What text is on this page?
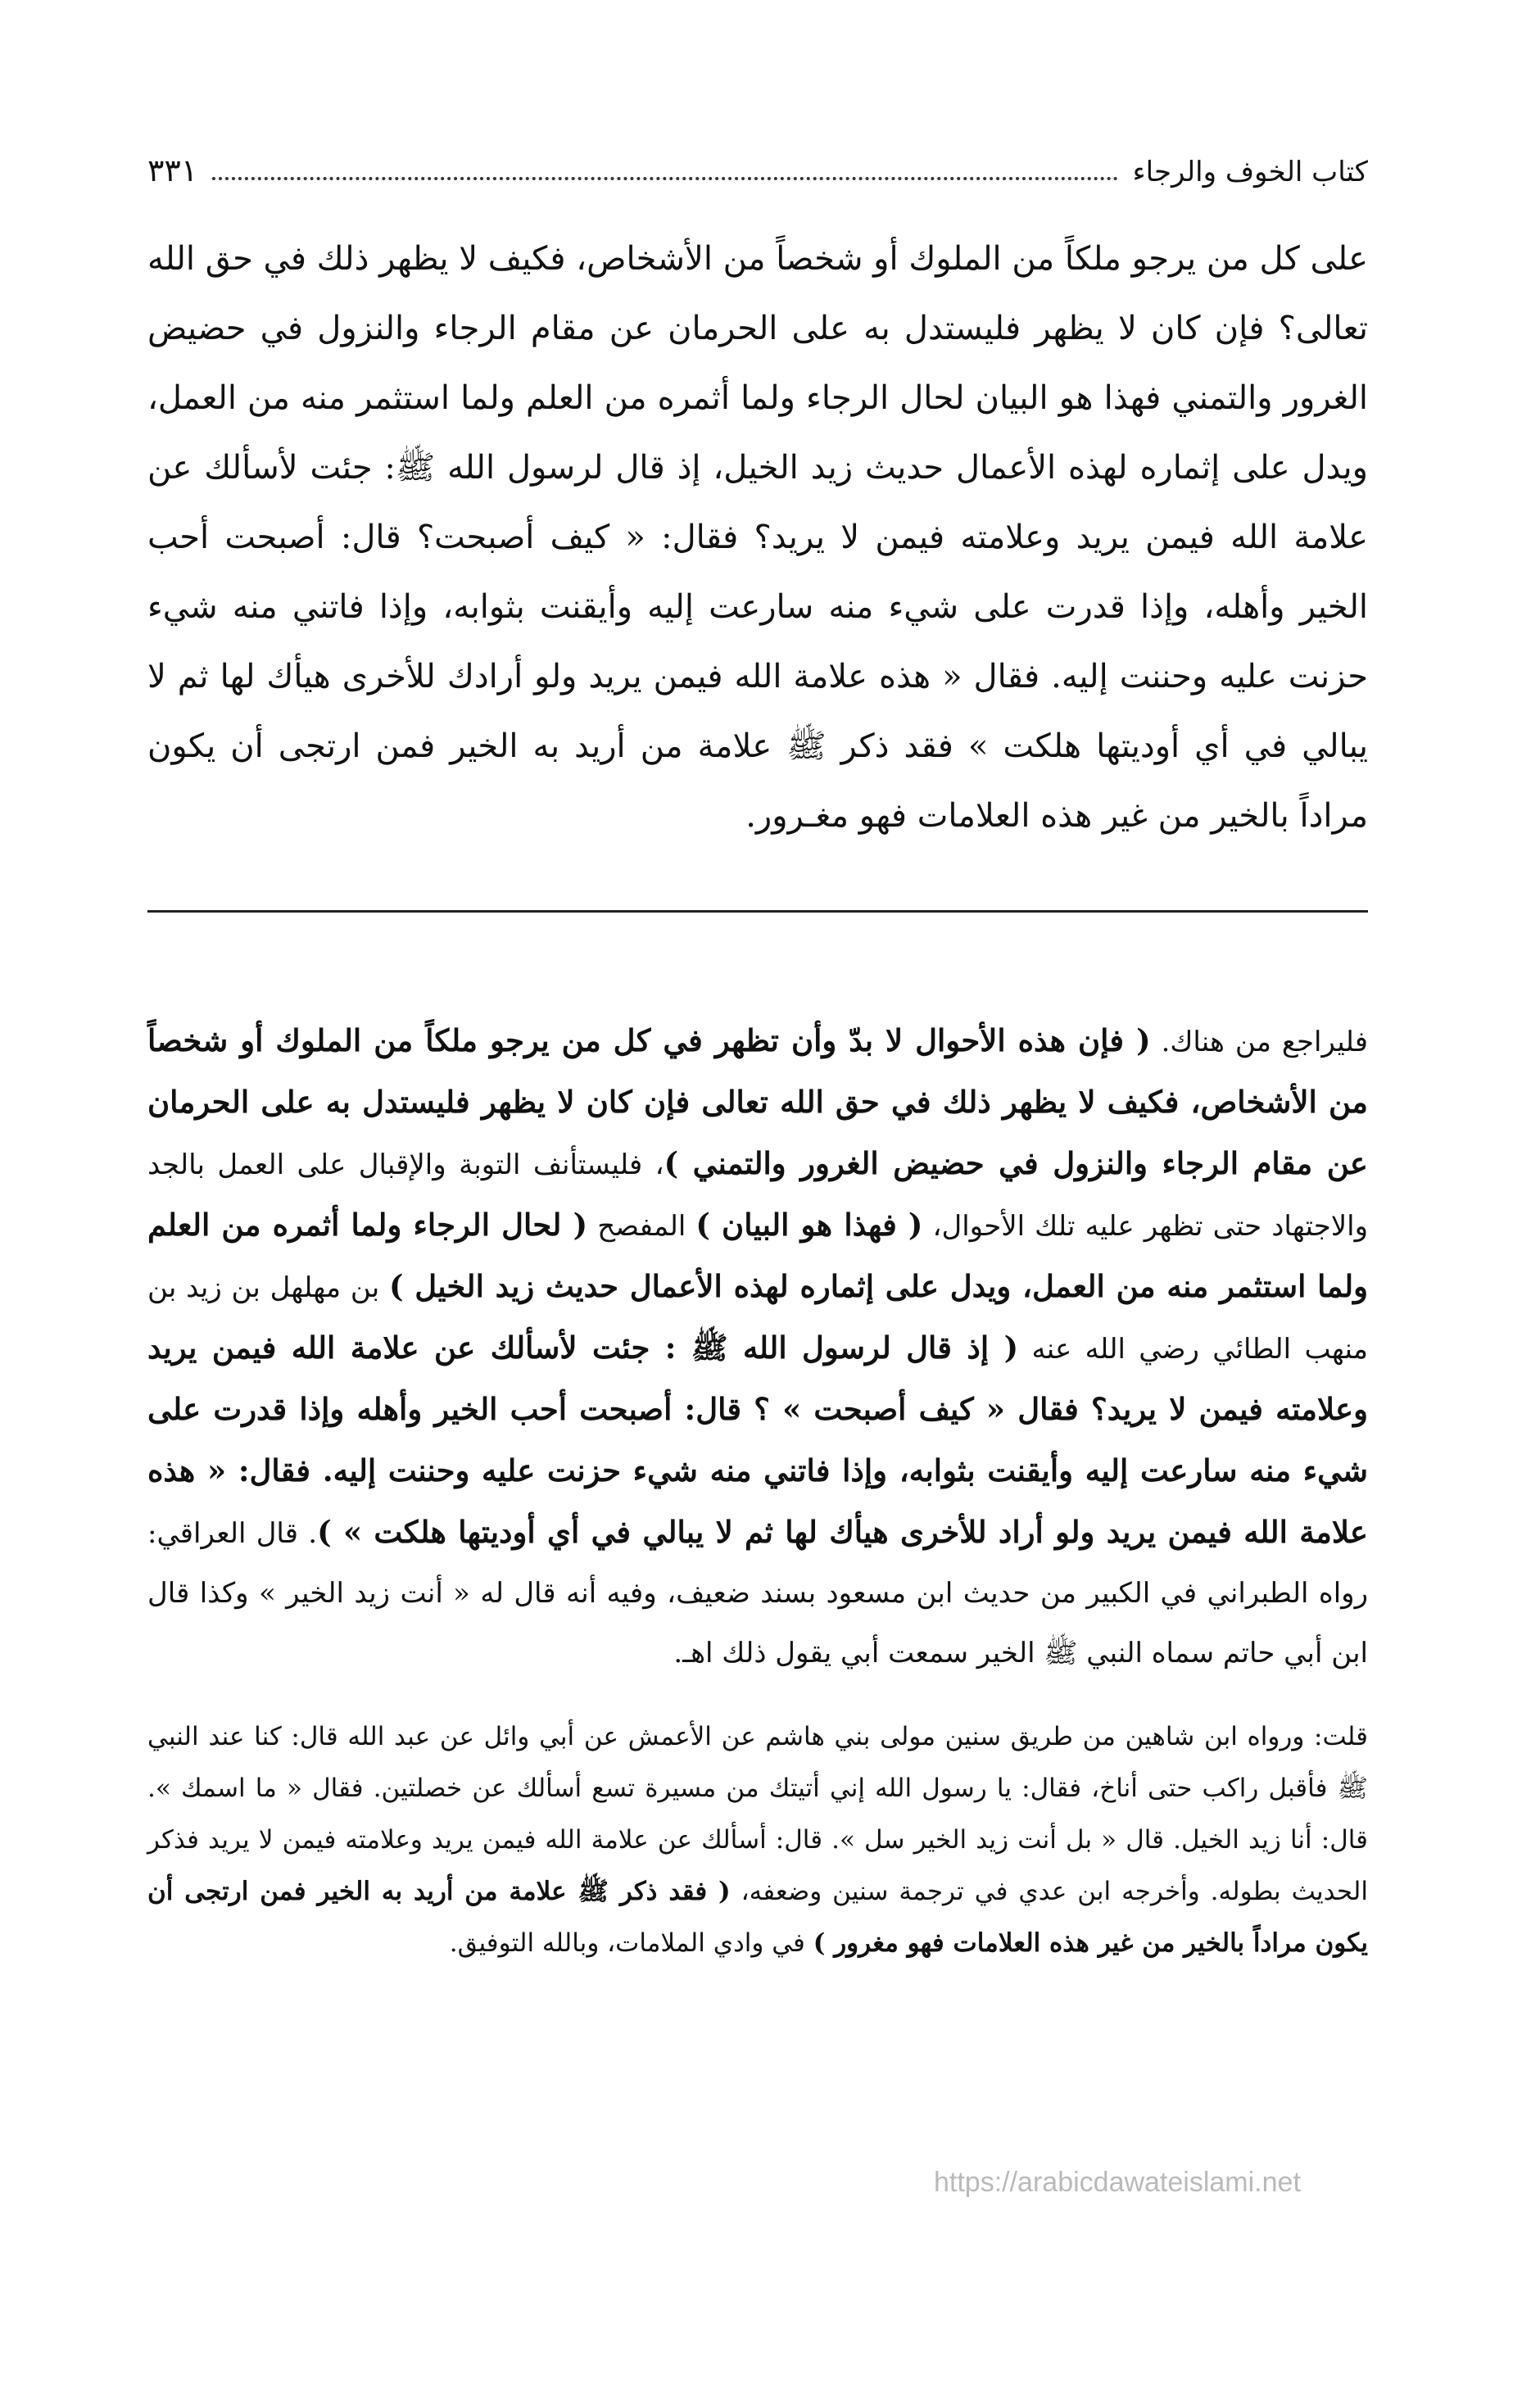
كتاب الخوف والرجاء
٣٣١

على كل من يرجو ملكاً من الملوك أو شخصاً من الأشخاص، فكيف لا يظهر ذلك في حق الله تعالى؟ فإن كان لا يظهر فليستدل به على الحرمان عن مقام الرجاء والنزول في حضيض الغرور والتمني فهذا هو البيان لحال الرجاء ولما أثمره من العلم ولما استثمر منه من العمل، ويدل على إثماره لهذه الأعمال حديث زيد الخيل، إذ قال لرسول الله ﷺ: جئت لأسألك عن علامة الله فيمن يريد وعلامته فيمن لا يريد؟ فقال: « كيف أصبحت؟ قال: أصبحت أحب الخير وأهله، وإذا قدرت على شيء منه سارعت إليه وأيقنت بثوابه، وإذا فاتني منه شيء حزنت عليه وحننت إليه. فقال « هذه علامة الله فيمن يريد ولو أرادك للأخرى هيأك لها ثم لا يبالي في أي أوديتها هلكت » فقد ذكر ﷺ علامة من أريد به الخير فمن ارتجى أن يكون مراداً بالخير من غير هذه العلامات فهو مغـرور.

فليراجع من هناك. ( فإن هذه الأحوال لا بدّ وأن تظهر في كل من يرجو ملكاً من الملوك أو شخصاً من الأشخاص، فكيف لا يظهر ذلك في حق الله تعالى فإن كان لا يظهر فليستدل به على الحرمان عن مقام الرجاء والنزول في حضيض الغرور والتمني )، فليستأنف التوبة والإقبال على العمل بالجد والاجتهاد حتى تظهر عليه تلك الأحوال، ( فهذا هو البيان ) المفصح ( لحال الرجاء ولما أثمره من العلم ولما استثمر منه من العمل، ويدل على إثماره لهذه الأعمال حديث زيد الخيل ) بن مهلهل بن زيد بن منهب الطائي رضي الله عنه ( إذ قال لرسول الله ﷺ : جئت لأسألك عن علامة الله فيمن يريد وعلامته فيمن لا يريد؟ فقال « كيف أصبحت » ؟ قال: أصبحت أحب الخير وأهله وإذا قدرت على شيء منه سارعت إليه وأيقنت بثوابه، وإذا فاتني منه شيء حزنت عليه وحننت إليه. فقال: « هذه علامة الله فيمن يريد ولو أراد للأخرى هيأك لها ثم لا يبالي في أي أوديتها هلكت » ). قال العراقي: رواه الطبراني في الكبير من حديث ابن مسعود بسند ضعيف، وفيه أنه قال له « أنت زيد الخير » وكذا قال ابن أبي حاتم سماه النبي ﷺ الخير سمعت أبي يقول ذلك اهـ.

قلت: ورواه ابن شاهين من طريق سنين مولى بني هاشم عن الأعمش عن أبي وائل عن عبد الله قال: كنا عند النبي ﷺ فأقبل راكب حتى أناخ، فقال: يا رسول الله إني أتيتك من مسيرة تسع أسألك عن خصلتين. فقال « ما اسمك ». قال: أنا زيد الخيل. قال « بل أنت زيد الخير سل ». قال: أسألك عن علامة الله فيمن يريد وعلامته فيمن لا يريد فذكر الحديث بطوله. وأخرجه ابن عدي في ترجمة سنين وضعفه، ( فقد ذكر ﷺ علامة من أريد به الخير فمن ارتجى أن يكون مراداً بالخير من غير هذه العلامات فهو مغرور ) في وادي الملامات، وبالله التوفيق.

https://arabicdawateislami.net
